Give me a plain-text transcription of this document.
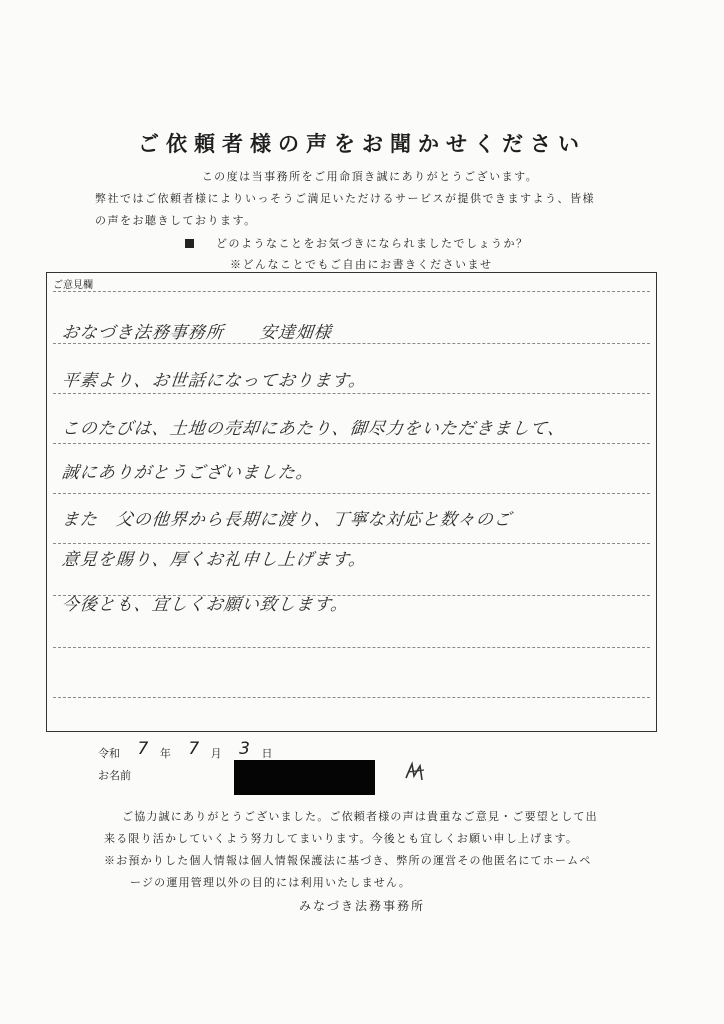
ご依頼者様の声をお聞かせください
この度は当事務所をご用命頂き誠にありがとうございます。
弊社ではご依頼者様によりいっそうご満足いただけるサービスが提供できますよう、皆様
の声をお聴きしております。
どのようなことをお気づきになられましたでしょうか？
※どんなことでもご自由にお書きくださいませ
ご意見欄
おなづき法務事務所　　安達畑様
平素より、お世話になっております。
このたびは、土地の売却にあたり、御尽力をいただきまして、
誠にありがとうございました。
また　父の他界から長期に渡り、丁寧な対応と数々のご
意見を賜り、厚くお礼申し上げます。
今後とも、宜しくお願い致します。
令和 7 年 7 月 3 日
お名前
ご協力誠にありがとうございました。ご依頼者様の声は貴重なご意見・ご要望として出
来る限り活かしていくよう努力してまいります。今後とも宜しくお願い申し上げます。
※お預かりした個人情報は個人情報保護法に基づき、弊所の運営その他匿名にてホームペ
ージの運用管理以外の目的には利用いたしません。
みなづき法務事務所
